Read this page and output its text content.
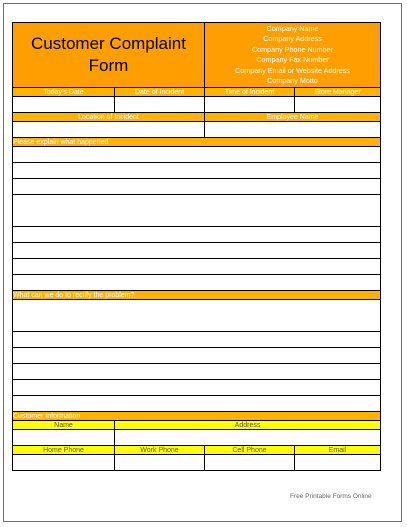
Customer Complaint Form
Company Name
Company Address
Company Phone Number
Company Fax Number
Company Email or Website Address
Company Motto
Today's Date	Date of Incident	Time of Incident	Store Manager
Location of Incident	Employee Name
Please explain what happened
What can we do to rectify the problem?
Customer Information
Name	Address
Home Phone	Work Phone	Cell Phone	Email
Free Printable Forms Online
